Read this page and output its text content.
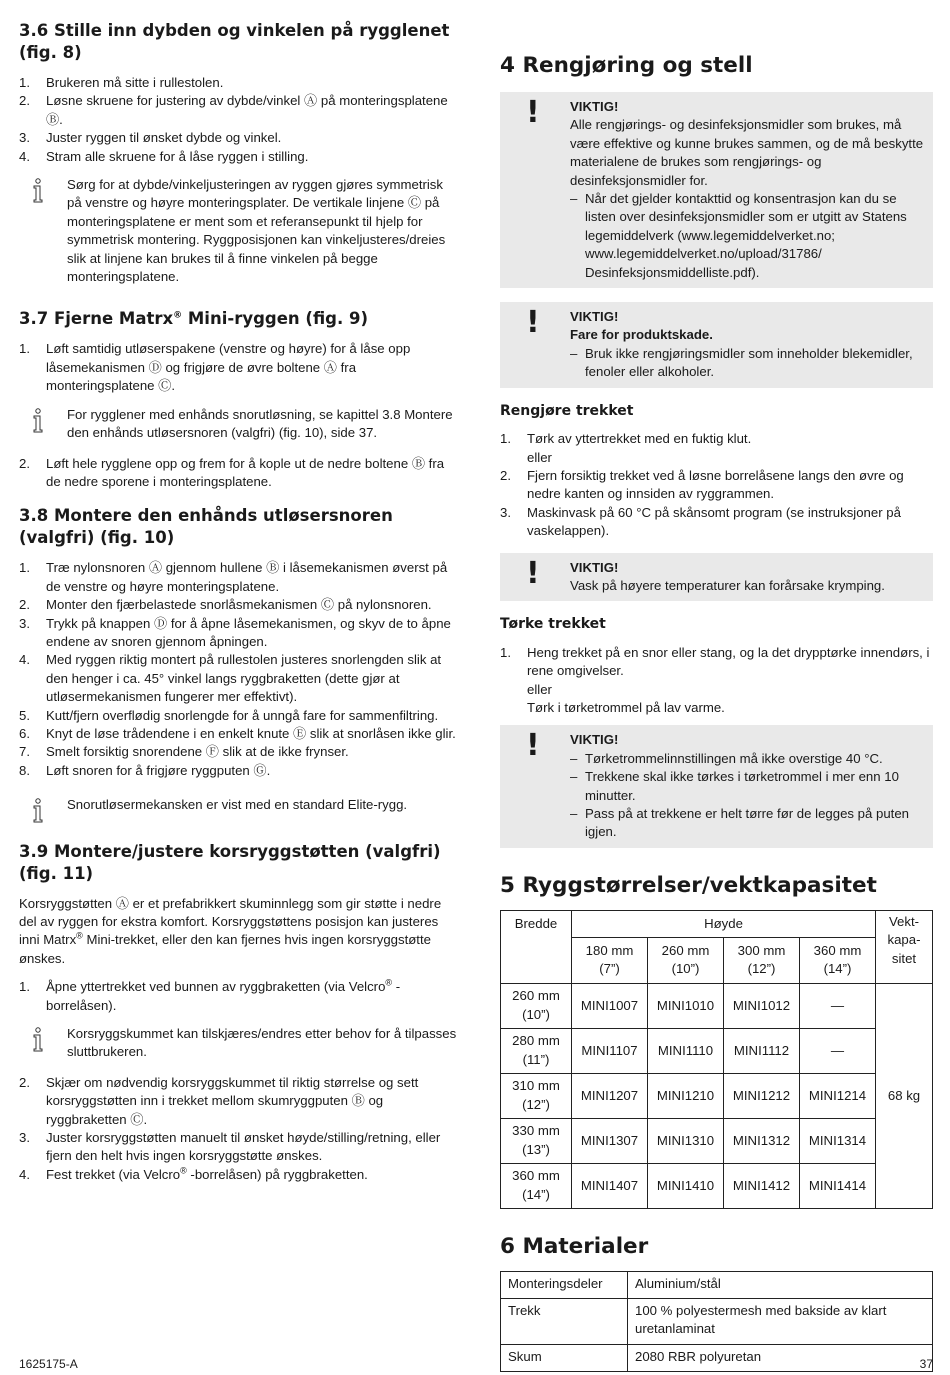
3.6 Stille inn dybden og vinkelen på rygglenet (fig. 8)
1. Brukeren må sitte i rullestolen.
2. Løsne skruene for justering av dybde/vinkel Ⓐ på monteringsplatene Ⓑ.
3. Juster ryggen til ønsket dybde og vinkel.
4. Stram alle skruene for å låse ryggen i stilling.
Sørg for at dybde/vinkeljusteringen av ryggen gjøres symmetrisk på venstre og høyre monteringsplater. De vertikale linjene Ⓒ på monteringsplatene er ment som et referansepunkt til hjelp for symmetrisk montering. Ryggposisjonen kan vinkeljusteres/dreies slik at linjene kan brukes til å finne vinkelen på begge monteringsplatene.
3.7 Fjerne Matrx® Mini-ryggen (fig. 9)
1. Løft samtidig utløserspakene (venstre og høyre) for å låse opp låsemekanismen Ⓓ og frigjøre de øvre boltene Ⓐ fra monteringsplatene Ⓒ.
For rygglener med enhånds snorutløsning, se kapittel 3.8 Montere den enhånds utløsersnoren (valgfri) (fig. 10), side 37.
2. Løft hele rygglene opp og frem for å kople ut de nedre boltene Ⓑ fra de nedre sporene i monteringsplatene.
3.8 Montere den enhånds utløsersnoren (valgfri) (fig. 10)
1. Træ nylonsnoren Ⓐ gjennom hullene Ⓑ i låsemekanismen øverst på de venstre og høyre monteringsplatene.
2. Monter den fjærbelastede snorlåsmekanismen Ⓒ på nylonsnoren.
3. Trykk på knappen Ⓓ for å åpne låsemekanismen, og skyv de to åpne endene av snoren gjennom åpningen.
4. Med ryggen riktig montert på rullestolen justeres snorlengden slik at den henger i ca. 45° vinkel langs ryggbraketten (dette gjør at utløsermekanismen fungerer mer effektivt).
5. Kutt/fjern overflødig snorlengde for å unngå fare for sammenfiltring.
6. Knyt de løse trådendene i en enkelt knute Ⓔ slik at snorlåsen ikke glir.
7. Smelt forsiktig snorendene Ⓕ slik at de ikke frynser.
8. Løft snoren for å frigjøre ryggputen Ⓖ.
Snorutløsermekansken er vist med en standard Elite-rygg.
3.9 Montere/justere korsryggstøtten (valgfri) (fig. 11)

Korsryggstøtten Ⓐ er et prefabrikkert skuminnlegg som gir støtte i nedre del av ryggen for ekstra komfort. Korsryggstøttens posisjon kan justeres inni Matrx® Mini-trekket, eller den kan fjernes hvis ingen korsryggstøtte ønskes.

1. Åpne yttertrekket ved bunnen av ryggbraketten (via Velcro® -borrelåsen).
Korsryggskummet kan tilskjæres/endres etter behov for å tilpasses sluttbrukeren.
2. Skjær om nødvendig korsryggskummet til riktig størrelse og sett korsryggstøtten inn i trekket mellom skumryggputen Ⓑ og ryggbraketten Ⓒ.
3. Juster korsryggstøtten manuelt til ønsket høyde/stilling/retning, eller fjern den helt hvis ingen korsryggstøtte ønskes.
4. Fest trekket (via Velcro® -borrelåsen) på ryggbraketten.
4 Rengjøring og stell
! VIKTIG!
Alle rengjørings- og desinfeksjonsmidler som brukes, må være effektive og kunne brukes sammen, og de må beskytte materialene de brukes som rengjørings- og desinfeksjonsmidler for.
– Når det gjelder kontakttid og konsentrasjon kan du se listen over desinfeksjonsmidler som er utgitt av Statens legemiddelverk (www.legemiddelverket.no; www.legemiddelverket.no/upload/31786/ Desinfeksjonsmiddelliste.pdf).
! VIKTIG!
Fare for produktskade.
– Bruk ikke rengjøringsmidler som inneholder blekemidler, fenoler eller alkoholer.
Rengjøre trekket
1. Tørk av yttertrekket med en fuktig klut.
eller
2. Fjern forsiktig trekket ved å løsne borrelåsene langs den øvre og nedre kanten og innsiden av ryggrammen.
3. Maskinvask på 60 °C på skånsomt program (se instruksjoner på vaskelappen).
! VIKTIG!
Vask på høyere temperaturer kan forårsake krymping.
Tørke trekket
1. Heng trekket på en snor eller stang, og la det drypptørke innendørs, i rene omgivelser.
eller
Tørk i tørketrommel på lav varme.
! VIKTIG!
– Tørketrommelinnstillingen må ikke overstige 40 °C.
– Trekkene skal ikke tørkes i tørketrommel i mer enn 10 minutter.
– Pass på at trekkene er helt tørre før de legges på puten igjen.
5 Ryggstørrelser/vektkapasitet
Bredde	Høyde				Vekt-kapa-sitet
	180 mm
(7”)	260 mm
(10”)	300 mm
(12”)	360 mm
(14”)	
260 mm
(10”)	MINI1007	MINI1010	MINI1012	—	68 kg
280 mm
(11”)	MINI1107	MINI1110	MINI1112	—	
310 mm
(12”)	MINI1207	MINI1210	MINI1212	MINI1214	
330 mm
(13”)	MINI1307	MINI1310	MINI1312	MINI1314	
360 mm
(14”)	MINI1407	MINI1410	MINI1412	MINI1414	
6 Materialer
Monteringsdeler	Aluminium/stål
Trekk	100 % polyestermesh med bakside av klart uretanlaminat
Skum	2080 RBR polyuretan
1625175-A	37
